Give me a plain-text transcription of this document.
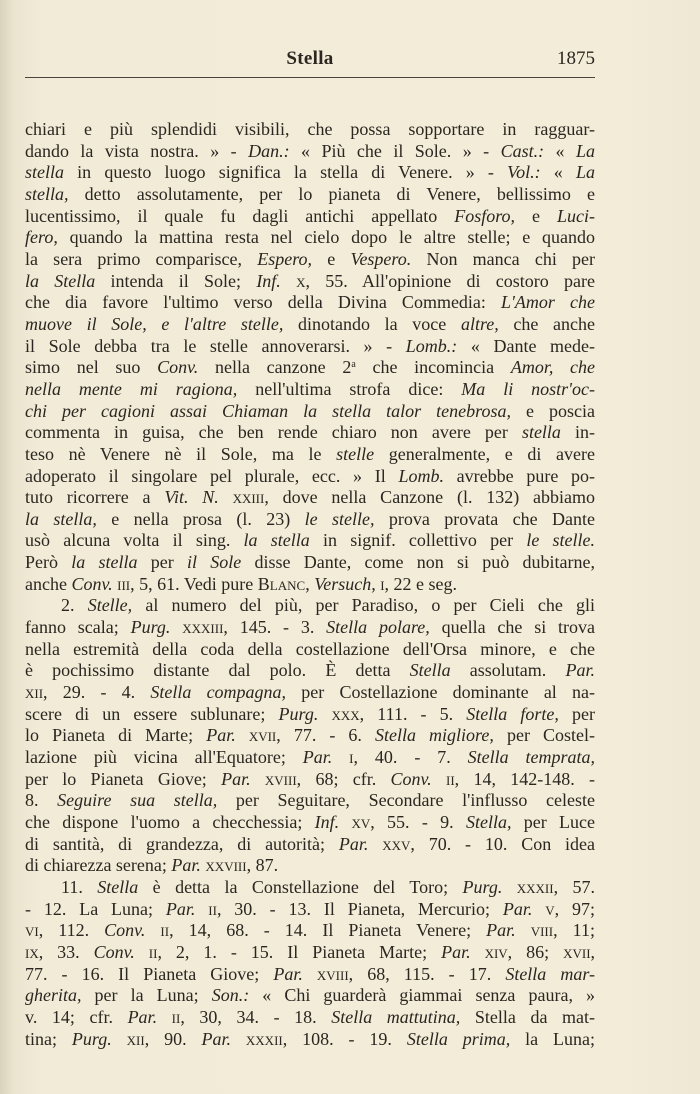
Stella	1875
chiari e più splendidi visibili, che possa sopportare in ragguar-
dando la vista nostra. » - Dan.: « Più che il Sole. » - Cast.: « La
stella in questo luogo significa la stella di Venere. » - Vol.: « La
stella, detto assolutamente, per lo pianeta di Venere, bellissimo e
lucentissimo, il quale fu dagli antichi appellato Fosforo, e Luci-
fero, quando la mattina resta nel cielo dopo le altre stelle; e quando
la sera primo comparisce, Espero, e Vespero. Non manca chi per
la Stella intenda il Sole; Inf. x, 55. All'opinione di costoro pare
che dia favore l'ultimo verso della Divina Commedia: L'Amor che
muove il Sole, e l'altre stelle, dinotando la voce altre, che anche
il Sole debba tra le stelle annoverarsi. » - Lomb.: « Dante mede-
simo nel suo Conv. nella canzone 2$^a$ che incomincia Amor, che
nella mente mi ragiona, nell'ultima strofa dice: Ma li nostr'oc-
chi per cagioni assai Chiaman la stella talor tenebrosa, e poscia
commenta in guisa, che ben rende chiaro non avere per stella in-
teso nè Venere nè il Sole, ma le stelle generalmente, e di avere
adoperato il singolare pel plurale, ecc. » Il Lomb. avrebbe pure po-
tuto ricorrere a Vit. N. xxiii, dove nella Canzone (l. 132) abbiamo
la stella, e nella prosa (l. 23) le stelle, prova provata che Dante
usò alcuna volta il sing. la stella in signif. collettivo per le stelle.
Però la stella per il Sole disse Dante, come non si può dubitarne,
anche Conv. iii, 5, 61. Vedi pure Blanc, Versuch, i, 22 e seg.
2. Stelle, al numero del più, per Paradiso, o per Cieli che gli
fanno scala; Purg. xxxiii, 145. - 3. Stella polare, quella che si trova
nella estremità della coda della costellazione dell'Orsa minore, e che
è pochissimo distante dal polo. È detta Stella assolutam. Par.
xii, 29. - 4. Stella compagna, per Costellazione dominante al na-
scere di un essere sublunare; Purg. xxx, 111. - 5. Stella forte, per
lo Pianeta di Marte; Par. xvii, 77. - 6. Stella migliore, per Costel-
lazione più vicina all'Equatore; Par. i, 40. - 7. Stella temprata,
per lo Pianeta Giove; Par. xviii, 68; cfr. Conv. ii, 14, 142-148. -
8. Seguire sua stella, per Seguitare, Secondare l'influsso celeste
che dispone l'uomo a checchessia; Inf. xv, 55. - 9. Stella, per Luce
di santità, di grandezza, di autorità; Par. xxv, 70. - 10. Con idea
di chiarezza serena; Par. xxviii, 87.
11. Stella è detta la Constellazione del Toro; Purg. xxxii, 57.
- 12. La Luna; Par. ii, 30. - 13. Il Pianeta, Mercurio; Par. v, 97;
vi, 112. Conv. ii, 14, 68. - 14. Il Pianeta Venere; Par. viii, 11;
ix, 33. Conv. ii, 2, 1. - 15. Il Pianeta Marte; Par. xiv, 86; xvii,
77. - 16. Il Pianeta Giove; Par. xviii, 68, 115. - 17. Stella mar-
gherita, per la Luna; Son.: « Chi guarderà giammai senza paura, »
v. 14; cfr. Par. ii, 30, 34. - 18. Stella mattutina, Stella da mat-
tina; Purg. xii, 90. Par. xxxii, 108. - 19. Stella prima, la Luna;
